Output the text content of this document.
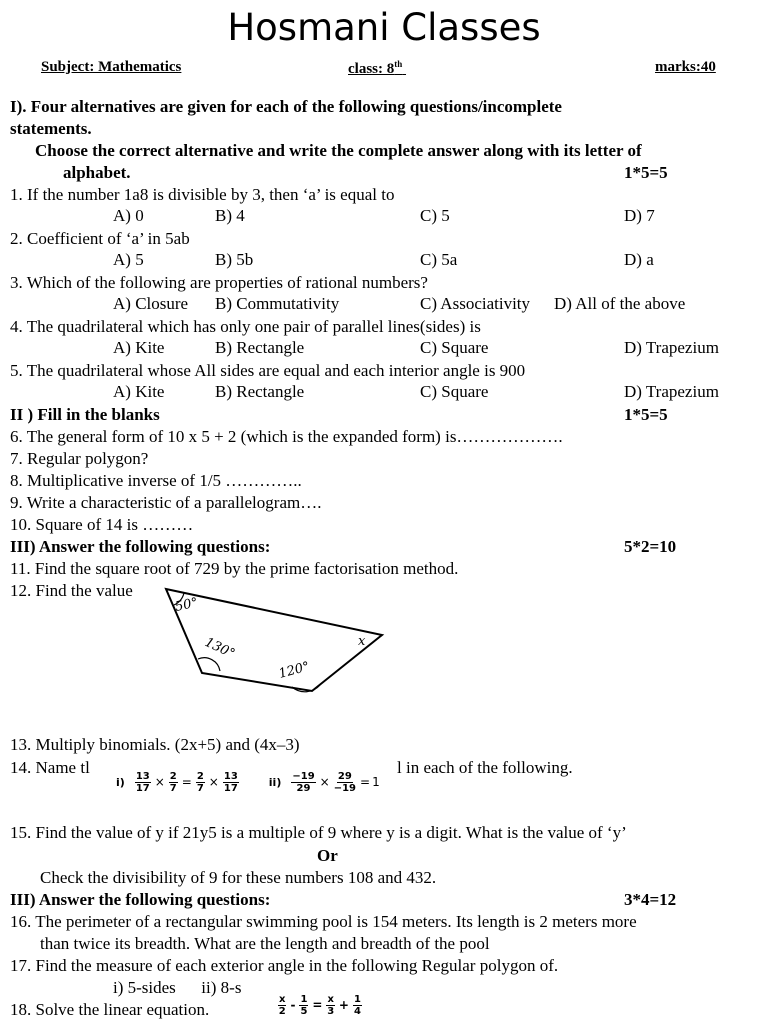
Hosmani Classes
Subject: Mathematics	class: 8th	marks:40
I). Four alternatives are given for each of the following questions/incomplete
statements.
Choose the correct alternative and write the complete answer along with its letter of
alphabet.	1*5=5
1. If the number 1a8 is divisible by 3, then ‘a’ is equal to
A) 0	B) 4	C) 5	D) 7
2. Coefficient of ‘a’ in 5ab
A) 5	B) 5b	C) 5a	D) a
3. Which of the following are properties of rational numbers?
A) Closure B) Commutativity	C) Associativity D) All of the above
4. The quadrilateral which has only one pair of parallel lines(sides) is
A) Kite	B) Rectangle	C) Square	D) Trapezium
5. The quadrilateral whose All sides are equal and each interior angle is 900
A) Kite	B) Rectangle	C) Square	D) Trapezium
II ) Fill in the blanks	1*5=5
6. The general form of 10 x 5 + 2 (which is the expanded form) is……………….
7. Regular polygon?
8. Multiplicative inverse of 1/5 …………..
9. Write a characteristic of a parallelogram….
10. Square of 14 is ………
III) Answer the following questions:	5*2=10
11. Find the square root of 729 by the prime factorisation method.
12. Find the value
50°
130°
120°
x
13. Multiply binomials. (2x+5) and (4x–3)
14. Name tl	l in each of the following.
$i) \frac{13}{17} \times \frac{2}{7} = \frac{2}{7} \times \frac{13}{17}$	$ii) \frac{-19}{29} \times \frac{29}{-19} = 1$
15. Find the value of y if 21y5 is a multiple of 9 where y is a digit. What is the value of ‘y’
Or
Check the divisibility of 9 for these numbers 108 and 432.
III) Answer the following questions:	3*4=12
16. The perimeter of a rectangular swimming pool is 154 meters. Its length is 2 meters more
than twice its breadth. What are the length and breadth of the pool
17. Find the measure of each exterior angle in the following Regular polygon of.
i) 5-sides      ii) 8-s
18. Solve the linear equation.	$\frac{x}{2} - \frac{1}{5} = \frac{x}{3} + \frac{1}{4}$
